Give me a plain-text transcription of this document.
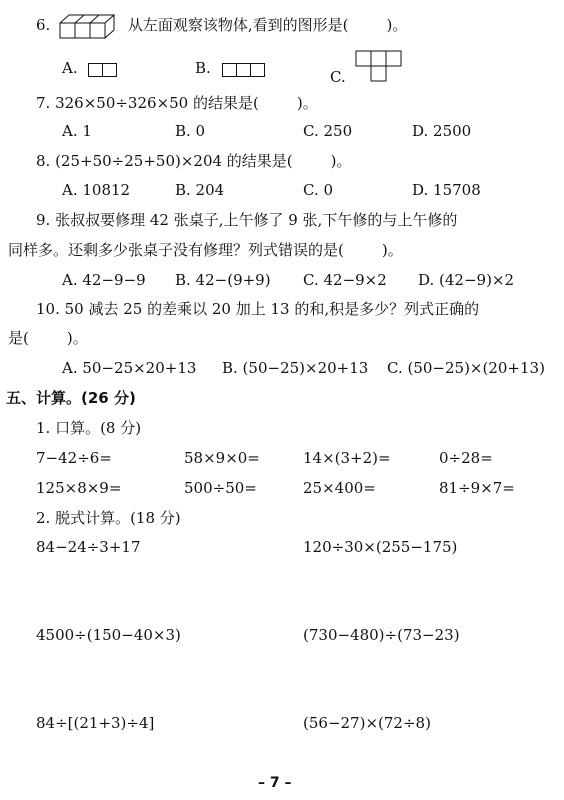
6.	从左面观察该物体,看到的图形是(	)。
A.	B.	C.
7. 326×50÷326×50 的结果是(	)。
A. 1	B. 0	C. 250	D. 2500
8. (25+50÷25+50)×204 的结果是(	)。
A. 10812	B. 204	C. 0	D. 15708
9. 张叔叔要修理 42 张桌子,上午修了 9 张,下午修的与上午修的
同样多。还剩多少张桌子没有修理？列式错误的是(	)。
A. 42−9−9 B. 42−(9+9) C. 42−9×2 D. (42−9)×2
10. 50 减去 25 的差乘以 20 加上 13 的和,积是多少？列式正确的
是(	)。
A. 50−25×20+13 B. (50−25)×20+13 C. (50−25)×(20+13)
五、计算。(26 分)
1. 口算。(8 分)
7−42÷6=	58×9×0=	14×(3+2)=	0÷28=
125×8×9=	500÷50=	25×400=	81÷9×7=
2. 脱式计算。(18 分)
84−24÷3+17	120÷30×(255−175)
4500÷(150−40×3)	(730−480)÷(73−23)
84÷[(21+3)÷4]	(56−27)×(72÷8)
– 7 –
